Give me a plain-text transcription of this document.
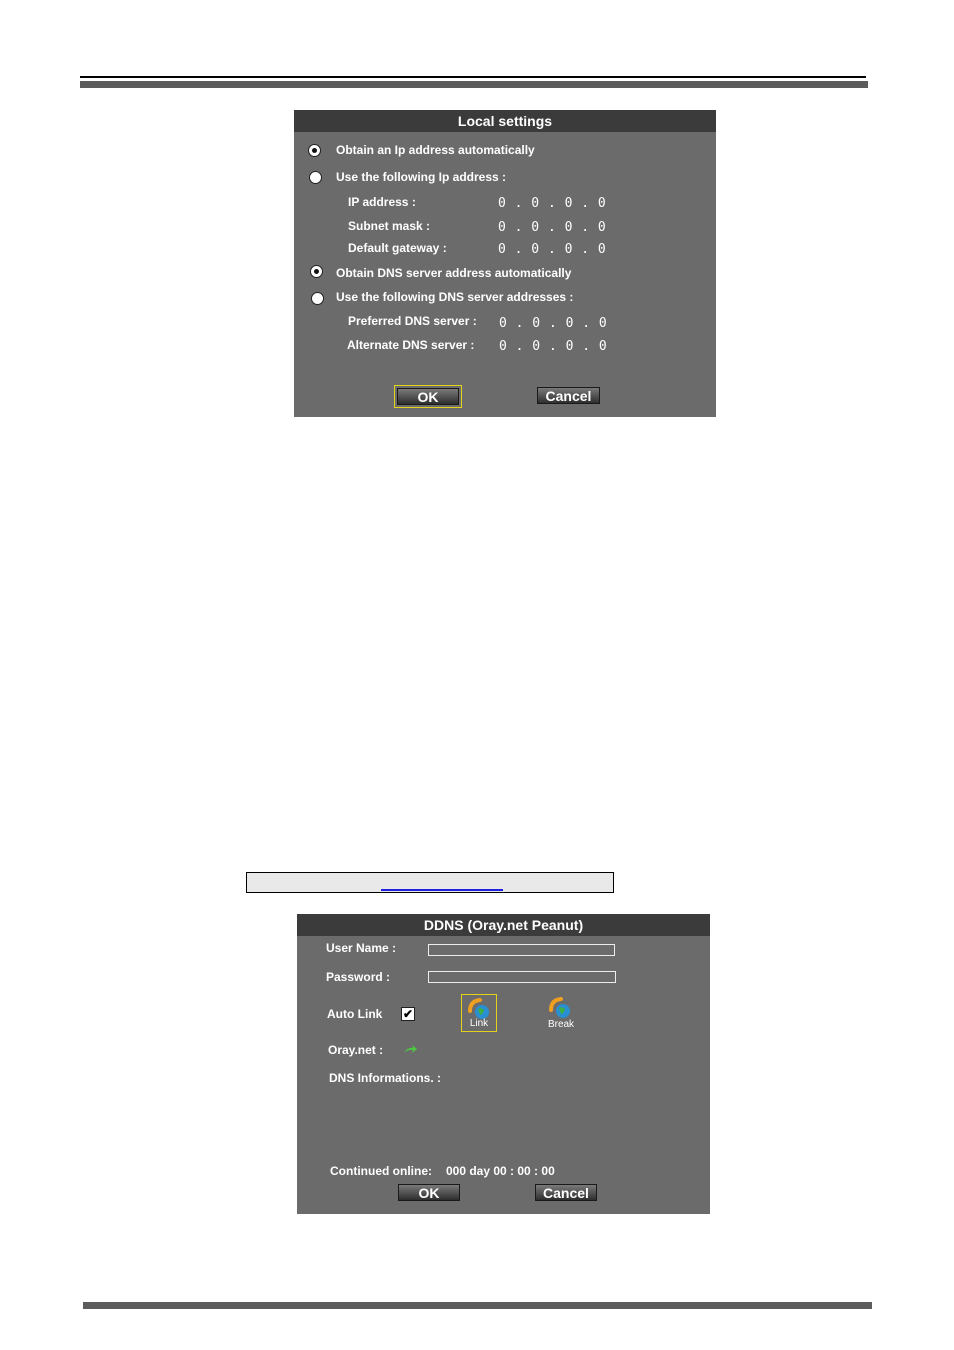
Local settings
Obtain an Ip address automatically
Use the following Ip address :
IP address :	0 . 0 . 0 . 0
Subnet mask :	0 . 0 . 0 . 0
Default gateway :	0 . 0 . 0 . 0
Obtain DNS server address automatically
Use the following DNS server addresses :
Preferred DNS server : 0 . 0 . 0 . 0
Alternate DNS server : 0 . 0 . 0 . 0
OK	Cancel
DDNS (Oray.net Peanut)
User Name :
Password :
Auto Link ✔
Link	Break
Oray.net :
DNS Informations. :
Continued online: 000 day 00 : 00 : 00
OK	Cancel
